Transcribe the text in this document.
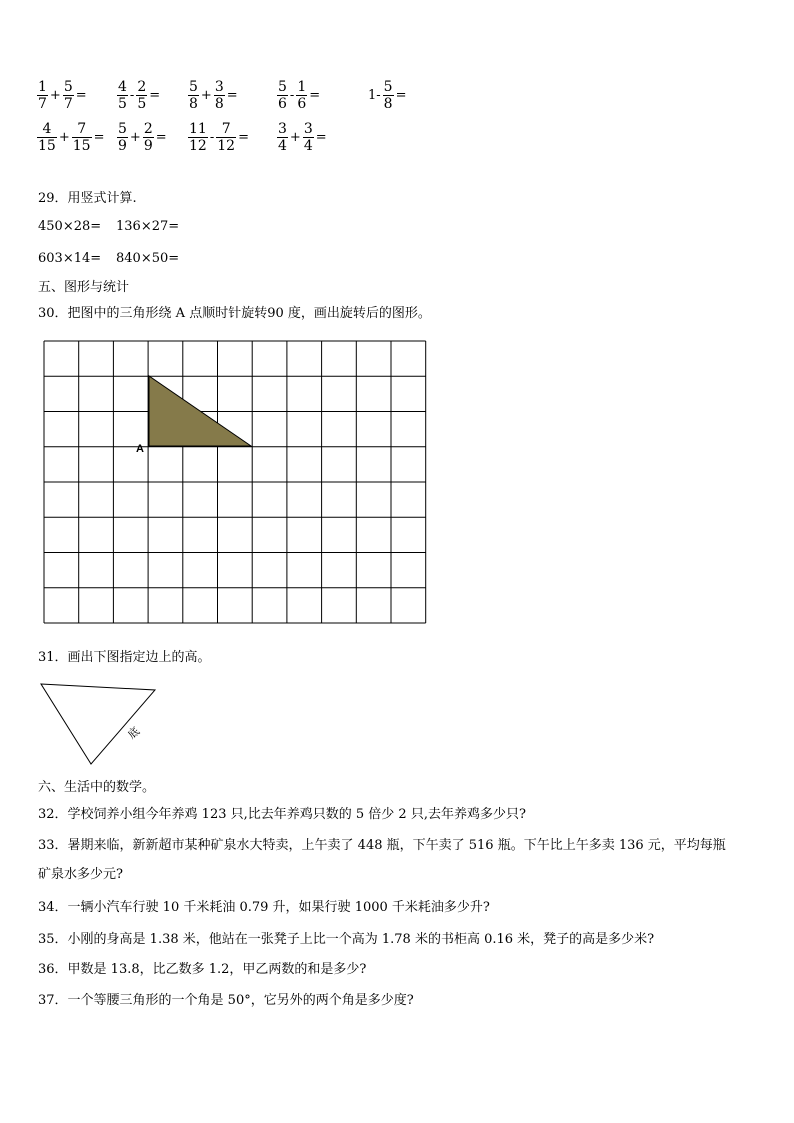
$\frac{1}{7} + \frac{5}{7} = \frac{4}{5} - \frac{2}{5} = \frac{5}{8} + \frac{3}{8}$ =	$\frac{5}{6} - \frac{1}{6}$ =	$1- \frac{5}{8}$ =
$\frac{4}{15} + \frac{7}{15} = \frac{5}{9} + \frac{2}{9} = \frac{11}{12} - \frac{7}{12} = \frac{3}{4} + \frac{3}{4}$ =
29．用竖式计算.
450×28= 136×27=
603×14= 840×50=
五、图形与统计
30．把图中的三角形绕 A 点顺时针旋转90 度，画出旋转后的图形。
A
31．画出下图指定边上的高。
底
六、生活中的数学。
32．学校饲养小组今年养鸡 123 只,比去年养鸡只数的 5 倍少 2 只,去年养鸡多少只?
33．暑期来临，新新超市某种矿泉水大特卖，上午卖了 448 瓶，下午卖了 516 瓶。下午比上午多卖 136 元，平均每瓶
矿泉水多少元?
34．一辆小汽车行驶 10 千米耗油 0.79 升，如果行驶 1000 千米耗油多少升?
35．小刚的身高是 1.38 米，他站在一张凳子上比一个高为 1.78 米的书柜高 0.16 米，凳子的高是多少米?
36．甲数是 13.8，比乙数多 1.2，甲乙两数的和是多少?
37．一个等腰三角形的一个角是 50°，它另外的两个角是多少度?
